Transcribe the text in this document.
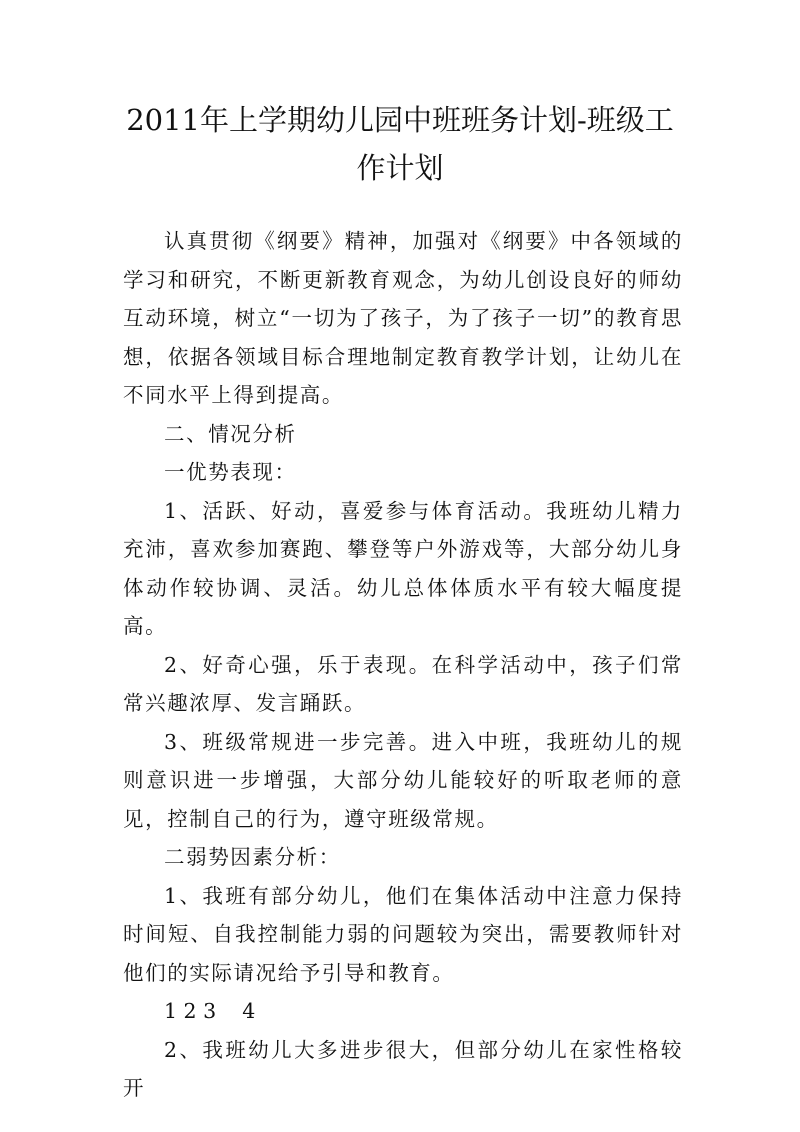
2011年上学期幼儿园中班班务计划-班级工
作计划

认真贯彻《纲要》精神，加强对《纲要》中各领域的学习和研究，不断更新教育观念，为幼儿创设良好的师幼互动环境，树立“一切为了孩子，为了孩子一切”的教育思想，依据各领域目标合理地制定教育教学计划，让幼儿在不同水平上得到提高。

二、情况分析

一优势表现：

1、活跃、好动，喜爱参与体育活动。我班幼儿精力充沛，喜欢参加赛跑、攀登等户外游戏等，大部分幼儿身体动作较协调、灵活。幼儿总体体质水平有较大幅度提高。

2、好奇心强，乐于表现。在科学活动中，孩子们常常兴趣浓厚、发言踊跃。

3、班级常规进一步完善。进入中班，我班幼儿的规则意识进一步增强，大部分幼儿能较好的听取老师的意见，控制自己的行为，遵守班级常规。

二弱势因素分析：

1、我班有部分幼儿，他们在集体活动中注意力保持时间短、自我控制能力弱的问题较为突出，需要教师针对他们的实际请况给予引导和教育。

1 2 3    4

2、我班幼儿大多进步很大，但部分幼儿在家性格较开
